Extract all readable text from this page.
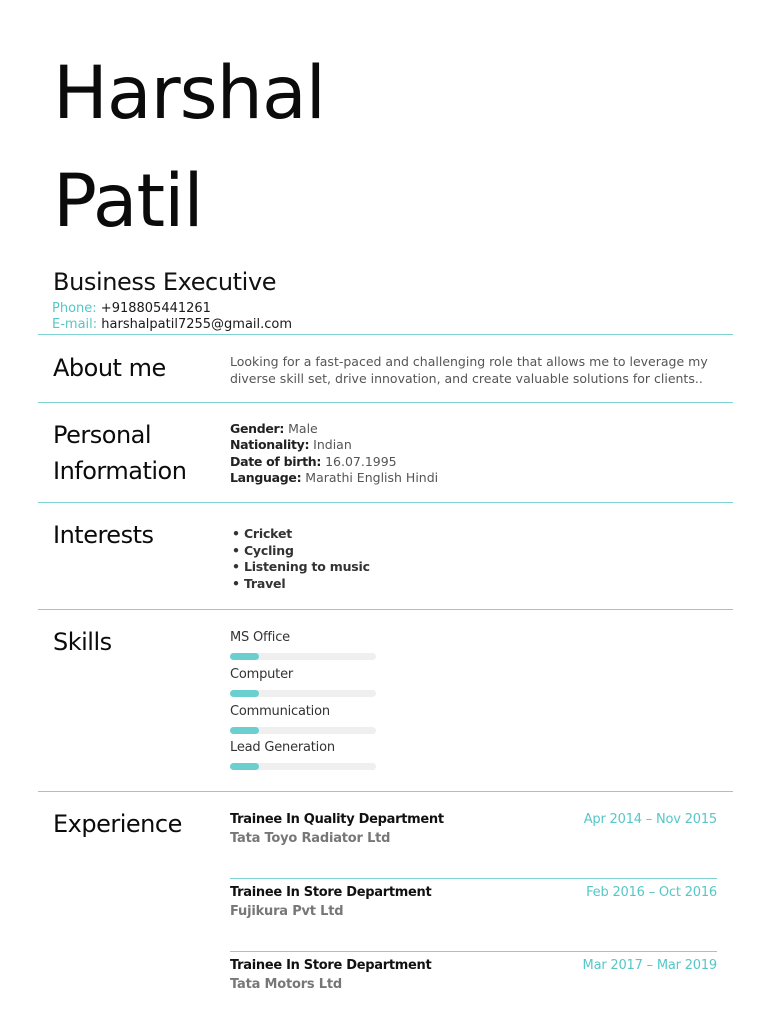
Harshal
Patil
Business Executive
Phone: +918805441261
E-mail: harshalpatil7255@gmail.com
About me	Looking for a fast-paced and challenging role that allows me to leverage my diverse skill set, drive innovation, and create valuable solutions for clients..
Personal
Information
Gender: Male
Nationality: Indian
Date of birth: 16.07.1995
Language: Marathi English Hindi
Interests	• Cricket
• Cycling
• Listening to music
• Travel
Skills	MS Office
Computer
Communication
Lead Generation
Experience	Trainee In Quality Department	Apr 2014 – Nov 2015
Tata Toyo Radiator Ltd
Trainee In Store Department	Feb 2016 – Oct 2016
Fujikura Pvt Ltd
Trainee In Store Department	Mar 2017 – Mar 2019
Tata Motors Ltd
